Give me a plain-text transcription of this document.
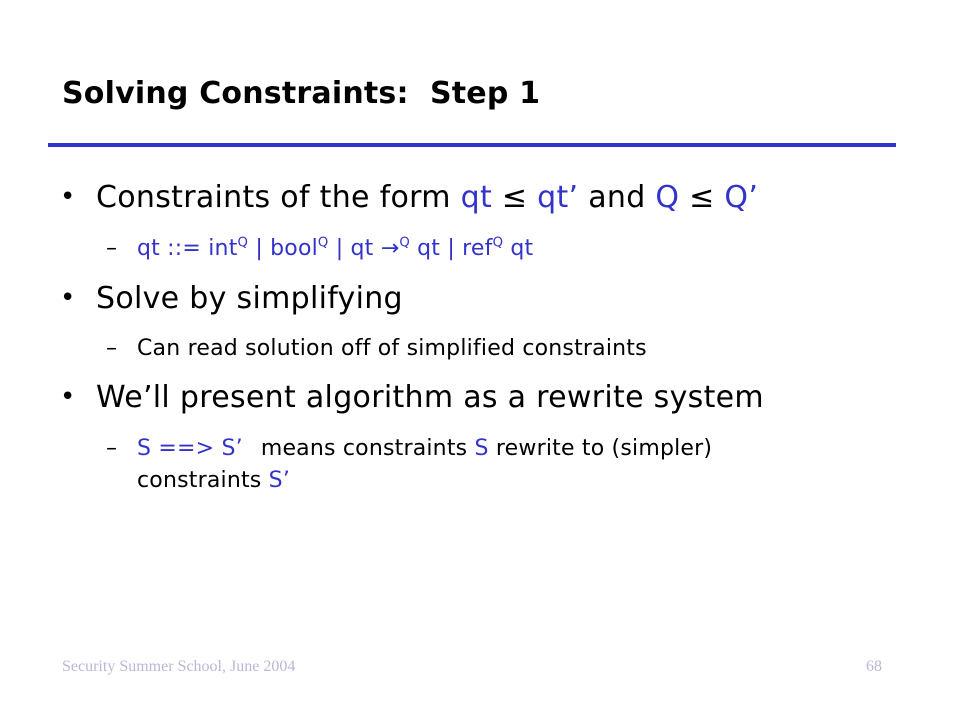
Solving Constraints:  Step 1
• Constraints of the form qt ≤ qt’ and Q ≤ Q’
– qt ::= int$^Q$ | bool$^Q$ | qt →$^Q$ qt | ref$^Q$ qt
• Solve by simplifying
– Can read solution off of simplified constraints
• We’ll present algorithm as a rewrite system
– S ==> S’ means constraints S rewrite to (simpler)
constraints S’
Security Summer School, June 2004	68
